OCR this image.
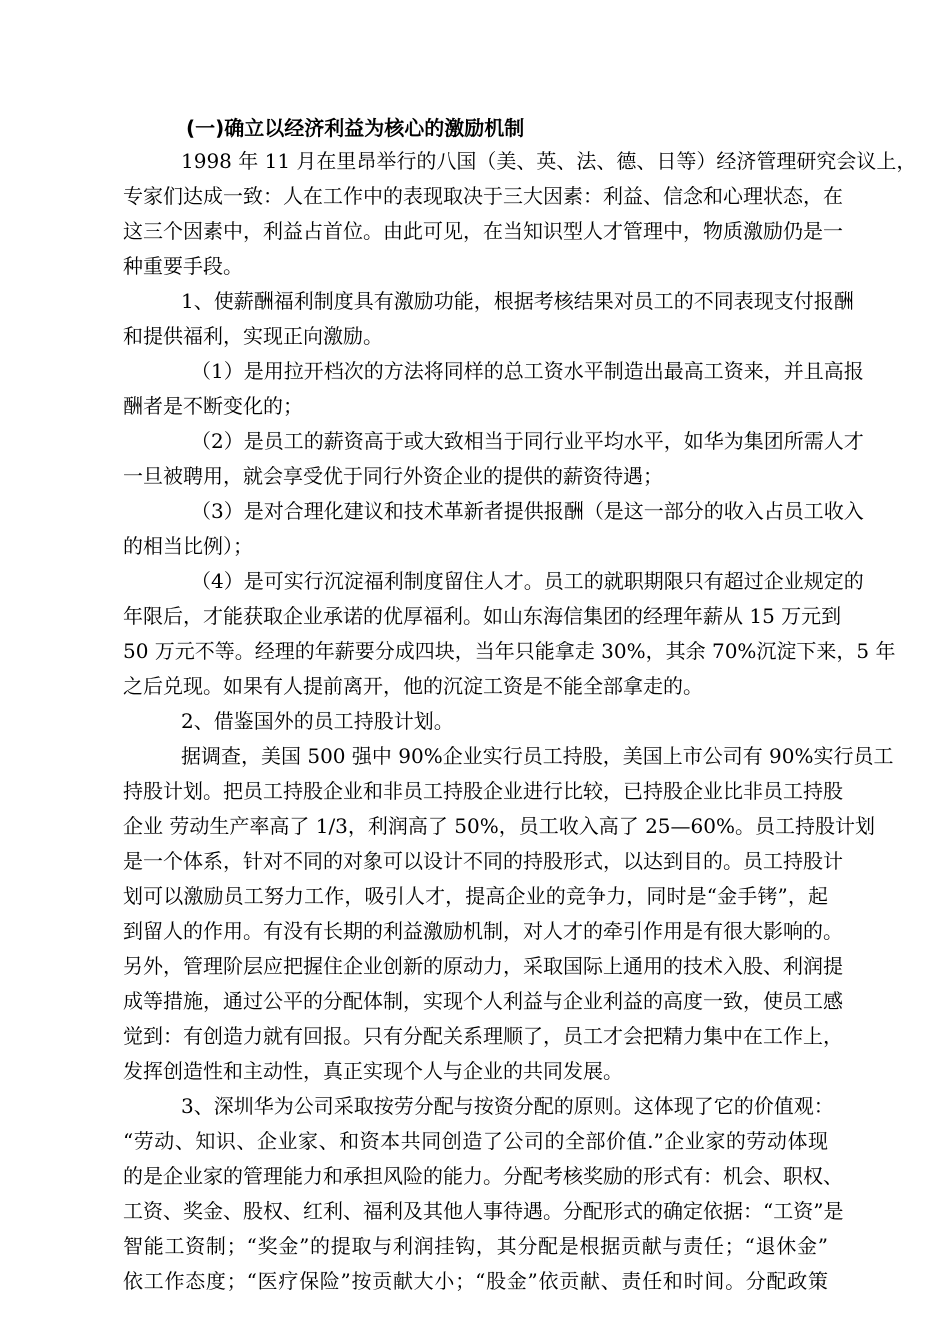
(一)确立以经济利益为核心的激励机制
1998 年 11 月在里昂举行的八国（美、英、法、德、日等）经济管理研究会议上，
专家们达成一致：人在工作中的表现取决于三大因素：利益、信念和心理状态，在
这三个因素中，利益占首位。由此可见，在当知识型人才管理中，物质激励仍是一
种重要手段。
1、使薪酬福利制度具有激励功能，根据考核结果对员工的不同表现支付报酬
和提供福利，实现正向激励。
（1）是用拉开档次的方法将同样的总工资水平制造出最高工资来，并且高报
酬者是不断变化的；
（2）是员工的薪资高于或大致相当于同行业平均水平，如华为集团所需人才
一旦被聘用，就会享受优于同行外资企业的提供的薪资待遇；
（3）是对合理化建议和技术革新者提供报酬（是这一部分的收入占员工收入
的相当比例）；
（4）是可实行沉淀福利制度留住人才。员工的就职期限只有超过企业规定的
年限后，才能获取企业承诺的优厚福利。如山东海信集团的经理年薪从 15 万元到
50 万元不等。经理的年薪要分成四块，当年只能拿走 30%，其余 70%沉淀下来，5 年
之后兑现。如果有人提前离开，他的沉淀工资是不能全部拿走的。
2、借鉴国外的员工持股计划。
据调查，美国 500 强中 90%企业实行员工持股，美国上市公司有 90%实行员工
持股计划。把员工持股企业和非员工持股企业进行比较，已持股企业比非员工持股
企业 劳动生产率高了 1/3，利润高了 50%，员工收入高了 25—60%。员工持股计划
是一个体系，针对不同的对象可以设计不同的持股形式，以达到目的。员工持股计
划可以激励员工努力工作，吸引人才，提高企业的竞争力，同时是“金手铐”，起
到留人的作用。有没有长期的利益激励机制，对人才的牵引作用是有很大影响的。
另外，管理阶层应把握住企业创新的原动力，采取国际上通用的技术入股、利润提
成等措施，通过公平的分配体制，实现个人利益与企业利益的高度一致，使员工感
觉到：有创造力就有回报。只有分配关系理顺了，员工才会把精力集中在工作上，
发挥创造性和主动性，真正实现个人与企业的共同发展。
3、深圳华为公司采取按劳分配与按资分配的原则。这体现了它的价值观：
“劳动、知识、企业家、和资本共同创造了公司的全部价值.”企业家的劳动体现
的是企业家的管理能力和承担风险的能力。分配考核奖励的形式有：机会、职权、
工资、奖金、股权、红利、福利及其他人事待遇。分配形式的确定依据：“工资”是
智能工资制；“奖金”的提取与利润挂钩，其分配是根据贡献与责任；“退休金”
依工作态度；“医疗保险”按贡献大小；“股金”依贡献、责任和时间。分配政策
